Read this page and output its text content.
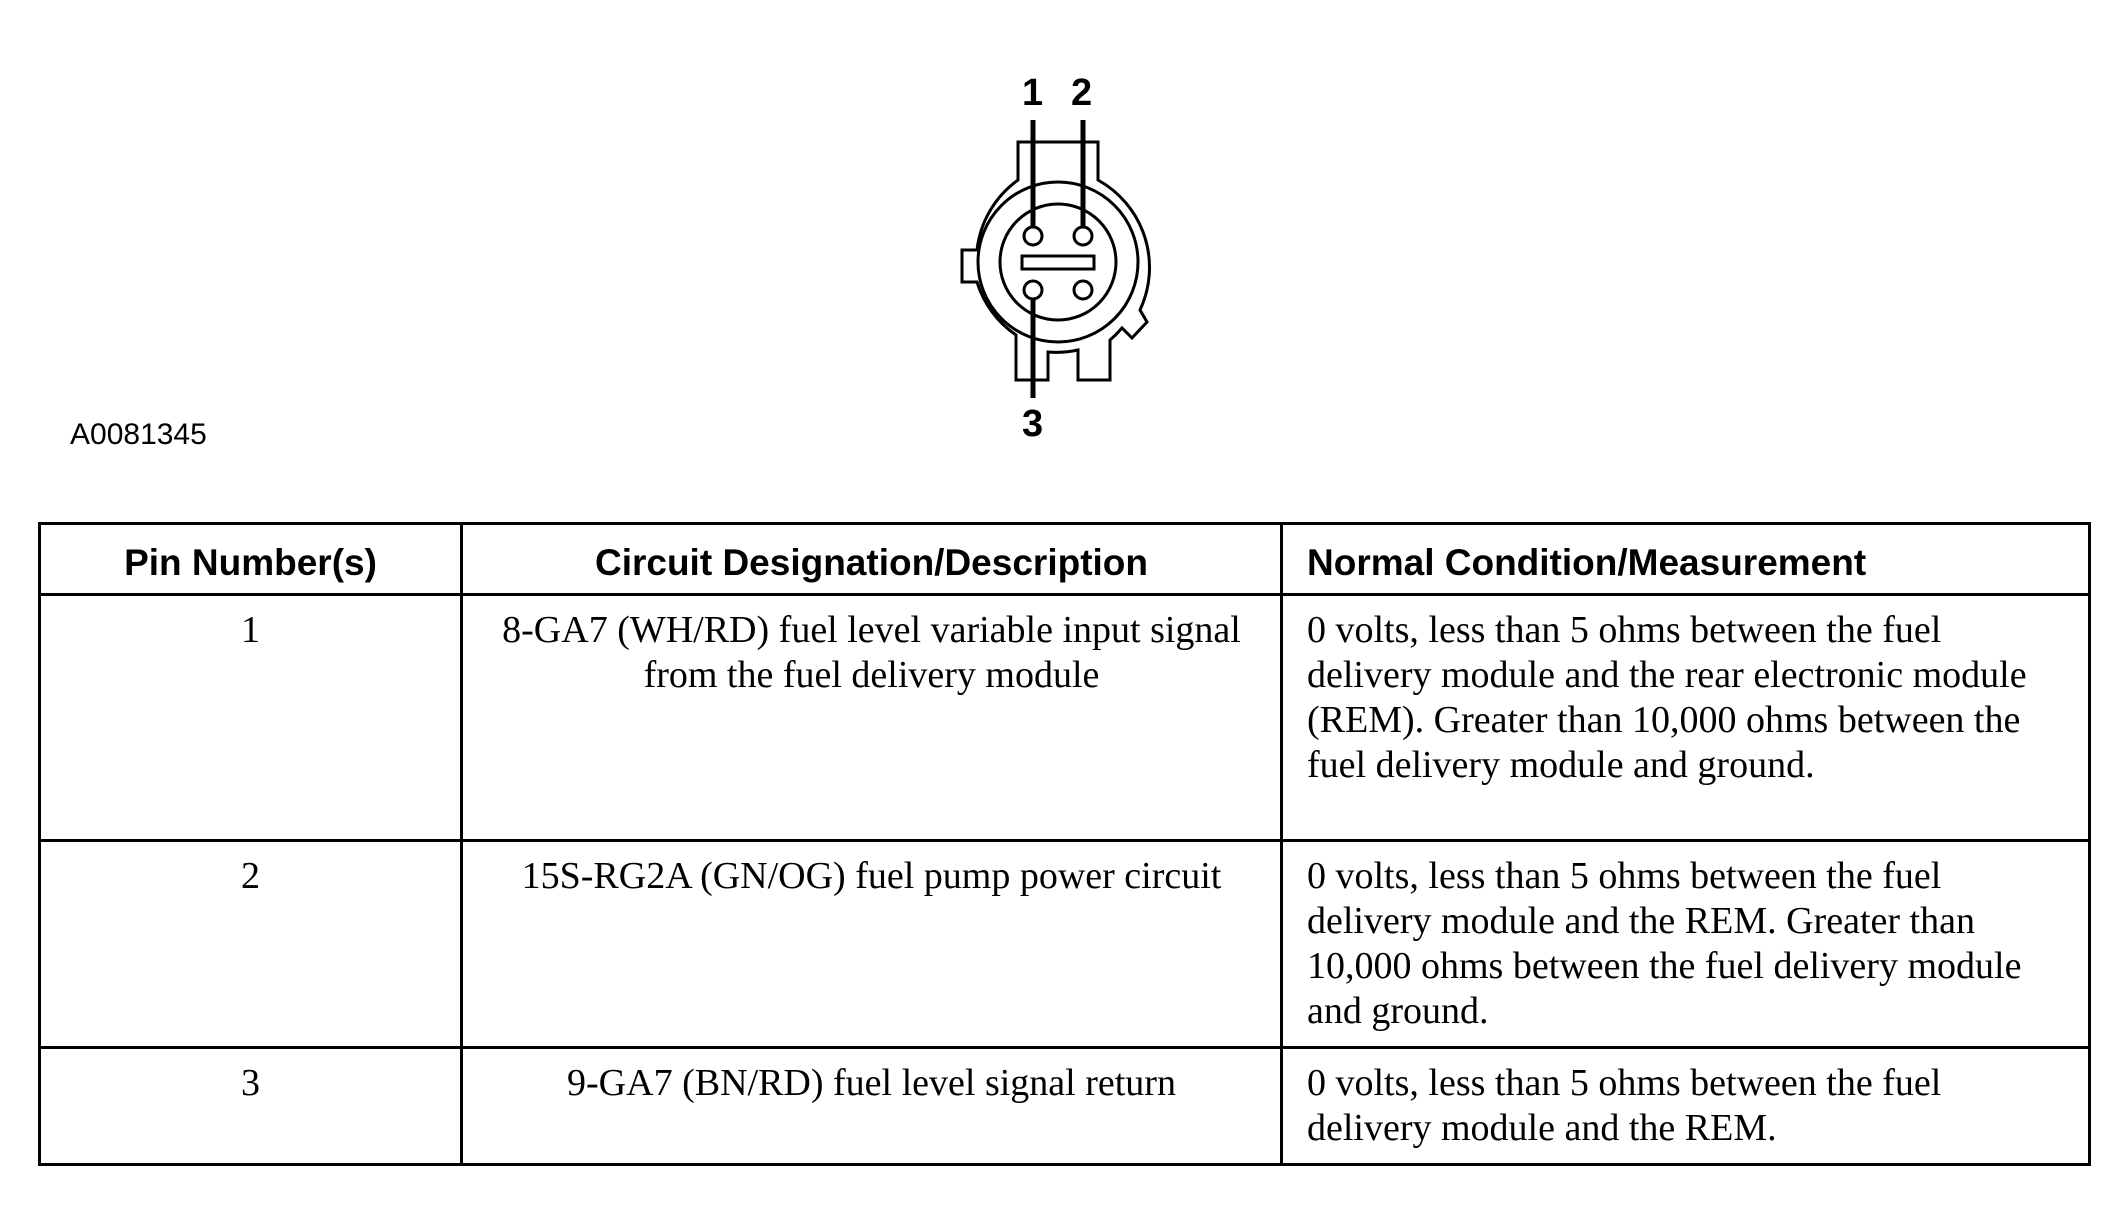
1 2
3
A0081345
Pin Number(s)	Circuit Designation/Description	Normal Condition/Measurement
1	8-GA7 (WH/RD) fuel level variable input signal from the fuel delivery module	0 volts, less than 5 ohms between the fuel delivery module and the rear electronic module (REM). Greater than 10,000 ohms between the fuel delivery module and ground.
2	15S-RG2A (GN/OG) fuel pump power circuit	0 volts, less than 5 ohms between the fuel delivery module and the REM. Greater than 10,000 ohms between the fuel delivery module and ground.
3	9-GA7 (BN/RD) fuel level signal return	0 volts, less than 5 ohms between the fuel delivery module and the REM.
